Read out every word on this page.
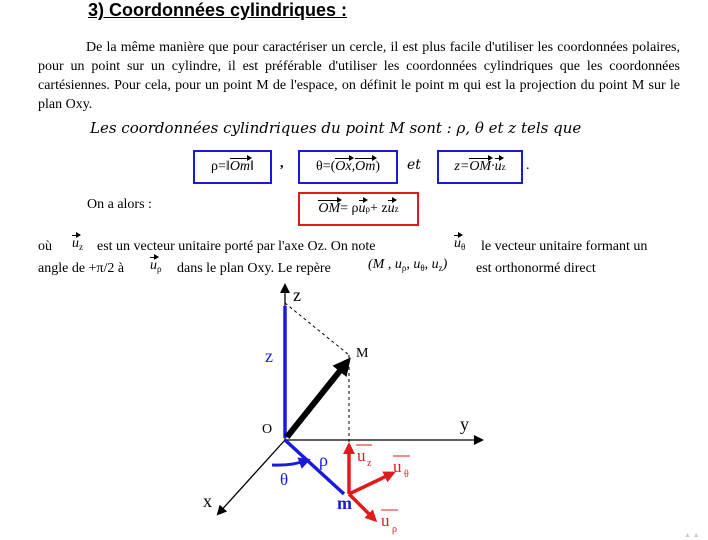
3) Coordonnées cylindriques :
De la même manière que pour caractériser un cercle, il est plus facile d'utiliser les coordonnées polaires, pour un point sur un cylindre, il est préférable d'utiliser les coordonnées cylindriques que les coordonnées cartésiennes. Pour cela, pour un point M de l'espace, on définit le point m qui est la projection du point M sur le plan Oxy.
Les coordonnées cylindriques du point M sont : ρ, θ et z tels que
ρ=‖ Om ‖ , θ=( Ox , Om ) et z= OM · u z .
On a alors :	OM = ρ u ρ + z u z
où $u_z$ est un vecteur unitaire porté par l'axe Oz. On note	$u_\theta$ le vecteur unitaire formant un
angle de +π/2 à $u_\rho$ dans le plan Oxy. Le repère	(M , $u_\rho$, $u_\theta$, $u_z$) est orthonormé direct
z
z	M
O	y
x
ρ
θ
m
u z u θ
u ρ	▲ ▲
